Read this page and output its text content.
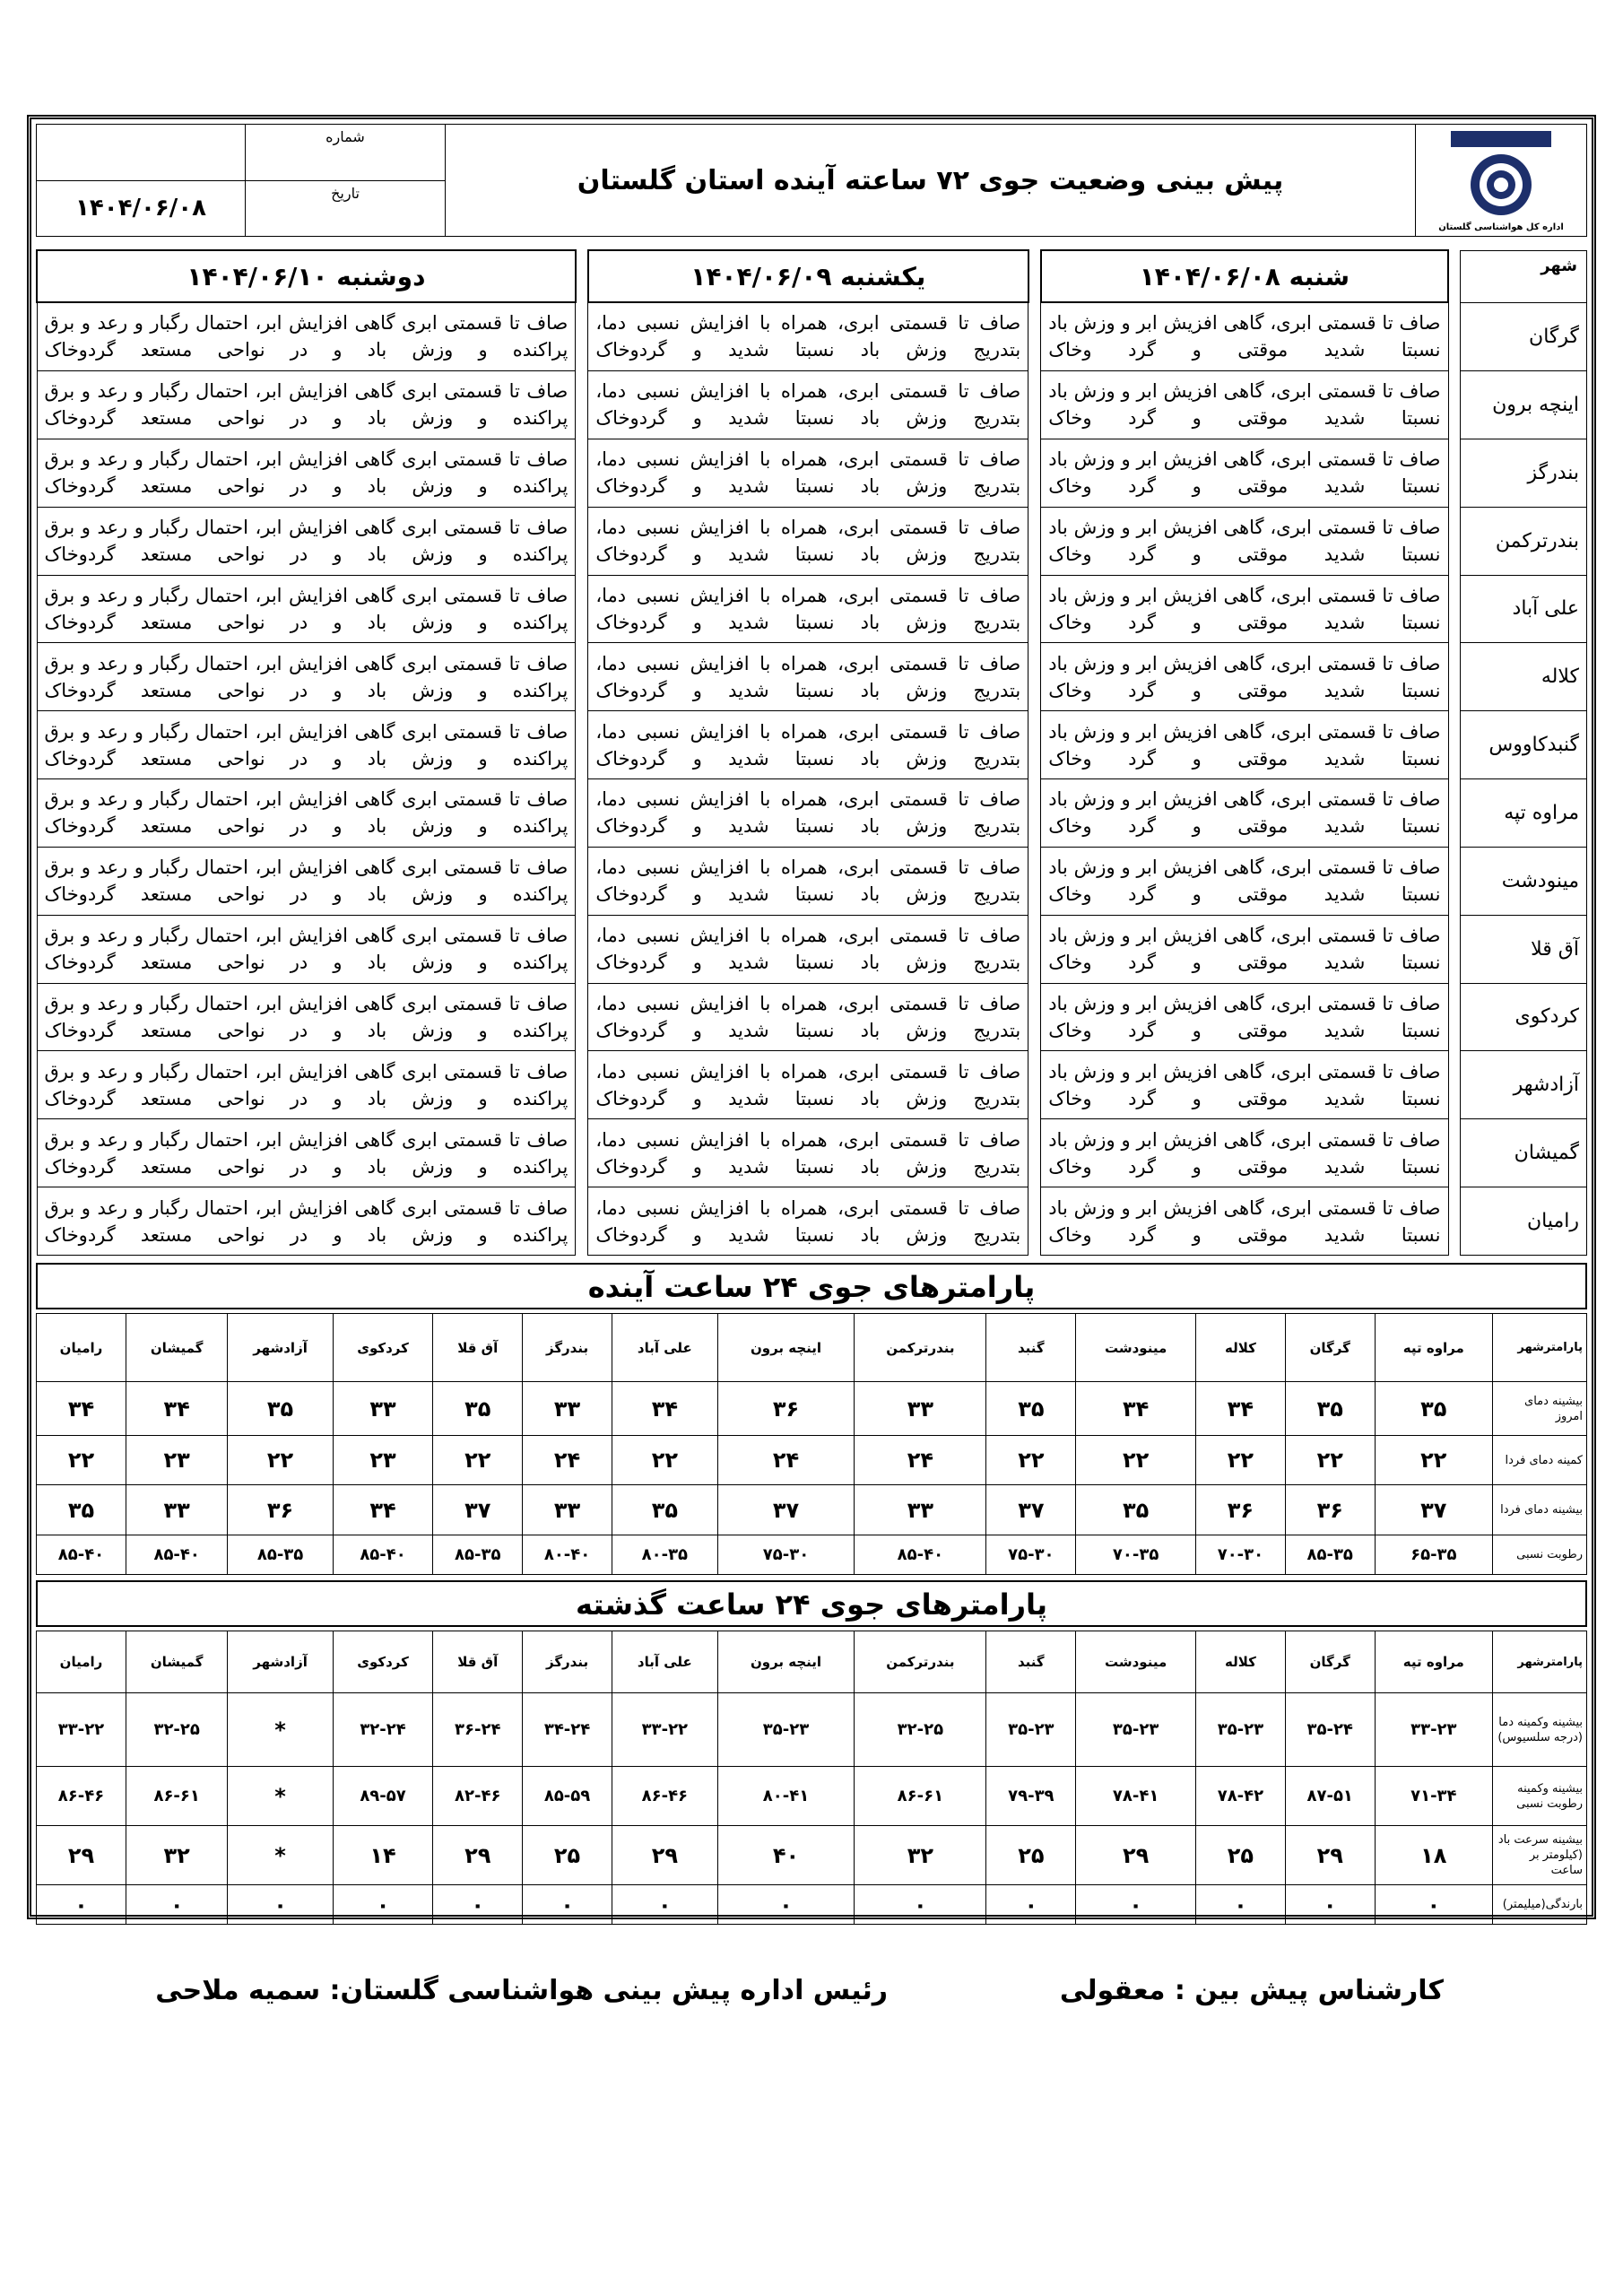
اداره کل هواشناسی گلستان	پیش بینی وضعیت جوی ۷۲ ساعته آینده استان گلستان	شماره	
		تاریخ	۱۴۰۴/۰۶/۰۸
شهر		شنبه ۱۴۰۴/۰۶/۰۸		یکشنبه ۱۴۰۴/۰۶/۰۹		دوشنبه ۱۴۰۴/۰۶/۱۰
گرگان		صاف تا قسمتی ابری، گاهی افزیش ابر و وزش باد نسبتا شدید موقتی و گرد وخاک		صاف تا قسمتی ابری، همراه با افزایش نسبی دما، بتدریج وزش باد نسبتا شدید و گردوخاک		صاف تا قسمتی ابری گاهی افزایش ابر، احتمال رگبار و رعد و برق پراکنده و وزش باد و در نواحی مستعد گردوخاک
اینچه برون		صاف تا قسمتی ابری، گاهی افزیش ابر و وزش باد نسبتا شدید موقتی و گرد وخاک		صاف تا قسمتی ابری، همراه با افزایش نسبی دما، بتدریج وزش باد نسبتا شدید و گردوخاک		صاف تا قسمتی ابری گاهی افزایش ابر، احتمال رگبار و رعد و برق پراکنده و وزش باد و در نواحی مستعد گردوخاک
بندرگز		صاف تا قسمتی ابری، گاهی افزیش ابر و وزش باد نسبتا شدید موقتی و گرد وخاک		صاف تا قسمتی ابری، همراه با افزایش نسبی دما، بتدریج وزش باد نسبتا شدید و گردوخاک		صاف تا قسمتی ابری گاهی افزایش ابر، احتمال رگبار و رعد و برق پراکنده و وزش باد و در نواحی مستعد گردوخاک
بندرترکمن		صاف تا قسمتی ابری، گاهی افزیش ابر و وزش باد نسبتا شدید موقتی و گرد وخاک		صاف تا قسمتی ابری، همراه با افزایش نسبی دما، بتدریج وزش باد نسبتا شدید و گردوخاک		صاف تا قسمتی ابری گاهی افزایش ابر، احتمال رگبار و رعد و برق پراکنده و وزش باد و در نواحی مستعد گردوخاک
علی آباد		صاف تا قسمتی ابری، گاهی افزیش ابر و وزش باد نسبتا شدید موقتی و گرد وخاک		صاف تا قسمتی ابری، همراه با افزایش نسبی دما، بتدریج وزش باد نسبتا شدید و گردوخاک		صاف تا قسمتی ابری گاهی افزایش ابر، احتمال رگبار و رعد و برق پراکنده و وزش باد و در نواحی مستعد گردوخاک
کلاله		صاف تا قسمتی ابری، گاهی افزیش ابر و وزش باد نسبتا شدید موقتی و گرد وخاک		صاف تا قسمتی ابری، همراه با افزایش نسبی دما، بتدریج وزش باد نسبتا شدید و گردوخاک		صاف تا قسمتی ابری گاهی افزایش ابر، احتمال رگبار و رعد و برق پراکنده و وزش باد و در نواحی مستعد گردوخاک
گنبدکاووس		صاف تا قسمتی ابری، گاهی افزیش ابر و وزش باد نسبتا شدید موقتی و گرد وخاک		صاف تا قسمتی ابری، همراه با افزایش نسبی دما، بتدریج وزش باد نسبتا شدید و گردوخاک		صاف تا قسمتی ابری گاهی افزایش ابر، احتمال رگبار و رعد و برق پراکنده و وزش باد و در نواحی مستعد گردوخاک
مراوه تپه		صاف تا قسمتی ابری، گاهی افزیش ابر و وزش باد نسبتا شدید موقتی و گرد وخاک		صاف تا قسمتی ابری، همراه با افزایش نسبی دما، بتدریج وزش باد نسبتا شدید و گردوخاک		صاف تا قسمتی ابری گاهی افزایش ابر، احتمال رگبار و رعد و برق پراکنده و وزش باد و در نواحی مستعد گردوخاک
مینودشت		صاف تا قسمتی ابری، گاهی افزیش ابر و وزش باد نسبتا شدید موقتی و گرد وخاک		صاف تا قسمتی ابری، همراه با افزایش نسبی دما، بتدریج وزش باد نسبتا شدید و گردوخاک		صاف تا قسمتی ابری گاهی افزایش ابر، احتمال رگبار و رعد و برق پراکنده و وزش باد و در نواحی مستعد گردوخاک
آق قلا		صاف تا قسمتی ابری، گاهی افزیش ابر و وزش باد نسبتا شدید موقتی و گرد وخاک		صاف تا قسمتی ابری، همراه با افزایش نسبی دما، بتدریج وزش باد نسبتا شدید و گردوخاک		صاف تا قسمتی ابری گاهی افزایش ابر، احتمال رگبار و رعد و برق پراکنده و وزش باد و در نواحی مستعد گردوخاک
کردکوی		صاف تا قسمتی ابری، گاهی افزیش ابر و وزش باد نسبتا شدید موقتی و گرد وخاک		صاف تا قسمتی ابری، همراه با افزایش نسبی دما، بتدریج وزش باد نسبتا شدید و گردوخاک		صاف تا قسمتی ابری گاهی افزایش ابر، احتمال رگبار و رعد و برق پراکنده و وزش باد و در نواحی مستعد گردوخاک
آزادشهر		صاف تا قسمتی ابری، گاهی افزیش ابر و وزش باد نسبتا شدید موقتی و گرد وخاک		صاف تا قسمتی ابری، همراه با افزایش نسبی دما، بتدریج وزش باد نسبتا شدید و گردوخاک		صاف تا قسمتی ابری گاهی افزایش ابر، احتمال رگبار و رعد و برق پراکنده و وزش باد و در نواحی مستعد گردوخاک
گمیشان		صاف تا قسمتی ابری، گاهی افزیش ابر و وزش باد نسبتا شدید موقتی و گرد وخاک		صاف تا قسمتی ابری، همراه با افزایش نسبی دما، بتدریج وزش باد نسبتا شدید و گردوخاک		صاف تا قسمتی ابری گاهی افزایش ابر، احتمال رگبار و رعد و برق پراکنده و وزش باد و در نواحی مستعد گردوخاک
رامیان		صاف تا قسمتی ابری، گاهی افزیش ابر و وزش باد نسبتا شدید موقتی و گرد وخاک		صاف تا قسمتی ابری، همراه با افزایش نسبی دما، بتدریج وزش باد نسبتا شدید و گردوخاک		صاف تا قسمتی ابری گاهی افزایش ابر، احتمال رگبار و رعد و برق پراکنده و وزش باد و در نواحی مستعد گردوخاک
پارامترهای جوی ۲۴ ساعت آینده
پارامترشهر	مراوه تپه	گرگان	کلاله	مینودشت	گنبد	بندرترکمن	اینچه برون	علی آباد	بندرگز	آق قلا	کردکوی	آزادشهر	گمیشان	رامیان
بیشینه دمای امروز	۳۵	۳۵	۳۴	۳۴	۳۵	۳۳	۳۶	۳۴	۳۳	۳۵	۳۳	۳۵	۳۴	۳۴
کمینه دمای فردا	۲۲	۲۲	۲۲	۲۲	۲۲	۲۴	۲۴	۲۲	۲۴	۲۲	۲۳	۲۲	۲۳	۲۲
بیشینه دمای فردا	۳۷	۳۶	۳۶	۳۵	۳۷	۳۳	۳۷	۳۵	۳۳	۳۷	۳۴	۳۶	۳۳	۳۵
رطوبت نسبی	۶۵-۳۵	۸۵-۳۵	۷۰-۳۰	۷۰-۳۵	۷۵-۳۰	۸۵-۴۰	۷۵-۳۰	۸۰-۳۵	۸۰-۴۰	۸۵-۳۵	۸۵-۴۰	۸۵-۳۵	۸۵-۴۰	۸۵-۴۰
پارامترهای جوی ۲۴ ساعت گذشته
پارامترشهر	مراوه تپه	گرگان	کلاله	مینودشت	گنبد	بندرترکمن	اینچه برون	علی آباد	بندرگز	آق قلا	کردکوی	آزادشهر	گمیشان	رامیان
بیشینه وکمینه دما (درجه سلسیوس)	۳۳-۲۳	۳۵-۲۴	۳۵-۲۳	۳۵-۲۳	۳۵-۲۳	۳۲-۲۵	۳۵-۲۳	۳۳-۲۲	۳۴-۲۴	۳۶-۲۴	۳۲-۲۴	*	۳۲-۲۵	۳۳-۲۲
بیشینه وکمینه رطوبت نسبی	۷۱-۳۴	۸۷-۵۱	۷۸-۴۲	۷۸-۴۱	۷۹-۳۹	۸۶-۶۱	۸۰-۴۱	۸۶-۴۶	۸۵-۵۹	۸۲-۴۶	۸۹-۵۷	*	۸۶-۶۱	۸۶-۴۶
بیشینه سرعت باد (کیلومتر بر ساعت	۱۸	۲۹	۲۵	۲۹	۲۵	۳۲	۴۰	۲۹	۲۵	۲۹	۱۴	*	۳۲	۲۹
بارندگی(میلیمتر)	۰	۰	۰	۰	۰	۰	۰	۰	۰	۰	۰	۰	۰	۰
کارشناس پیش بین : معقولی
رئیس اداره پیش بینی هواشناسی گلستان: سمیه ملاحی
